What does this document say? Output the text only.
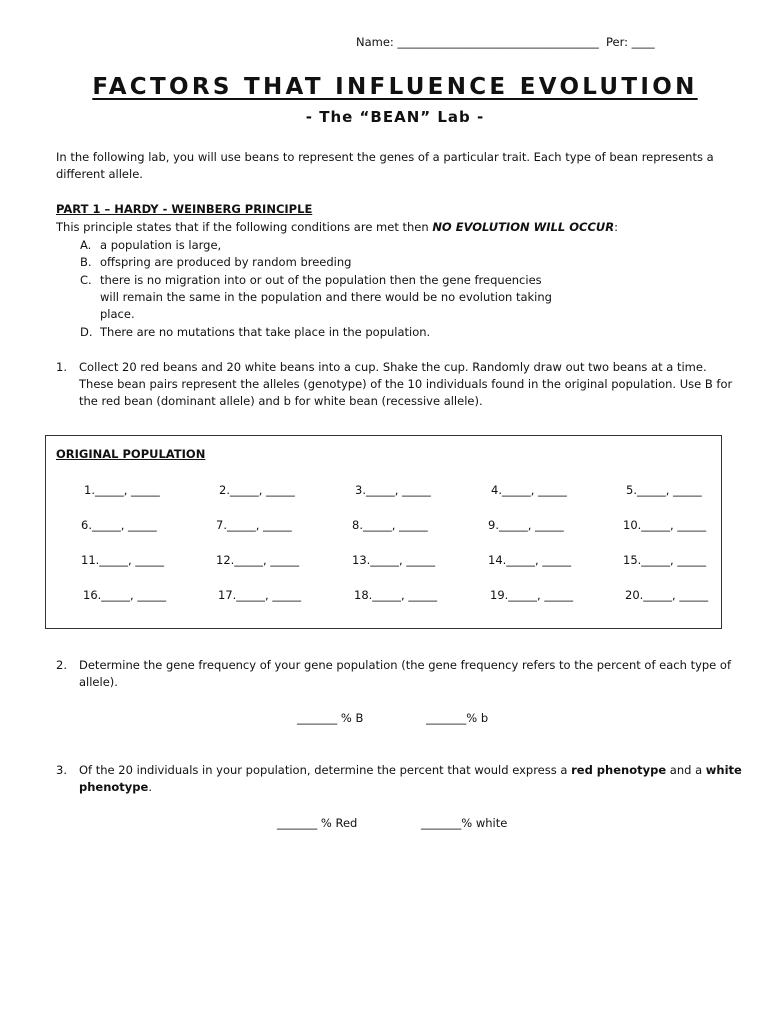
Name: ___________________________________  Per: ____
FACTORS THAT INFLUENCE EVOLUTION
- The “BEAN” Lab -
In the following lab, you will use beans to represent the genes of a particular trait. Each type of bean represents a different allele.
PART 1 – HARDY - WEINBERG PRINCIPLE
This principle states that if the following conditions are met then NO EVOLUTION WILL OCCUR:
A. a population is large,
B. offspring are produced by random breeding
C. there is no migration into or out of the population then the gene frequencies will remain the same in the population and there would be no evolution taking place.
D. There are no mutations that take place in the population.
1. Collect 20 red beans and 20 white beans into a cup. Shake the cup. Randomly draw out two beans at a time. These bean pairs represent the alleles (genotype) of the 10 individuals found in the original population. Use B for the red bean (dominant allele) and b for white bean (recessive allele).
ORIGINAL POPULATION
1._____, _____	2._____, _____	3._____, _____	4._____, _____	5._____, _____
6._____, _____	7._____, _____	8._____, _____	9._____, _____	10._____, _____
11._____, _____	12._____, _____	13._____, _____	14._____, _____	15._____, _____
16._____, _____	17._____, _____	18._____, _____	19._____, _____	20._____, _____
2. Determine the gene frequency of your gene population (the gene frequency refers to the percent of each type of allele).
_______ % B	_______% b
3. Of the 20 individuals in your population, determine the percent that would express a red phenotype and a white phenotype.
_______ % Red	_______% white
